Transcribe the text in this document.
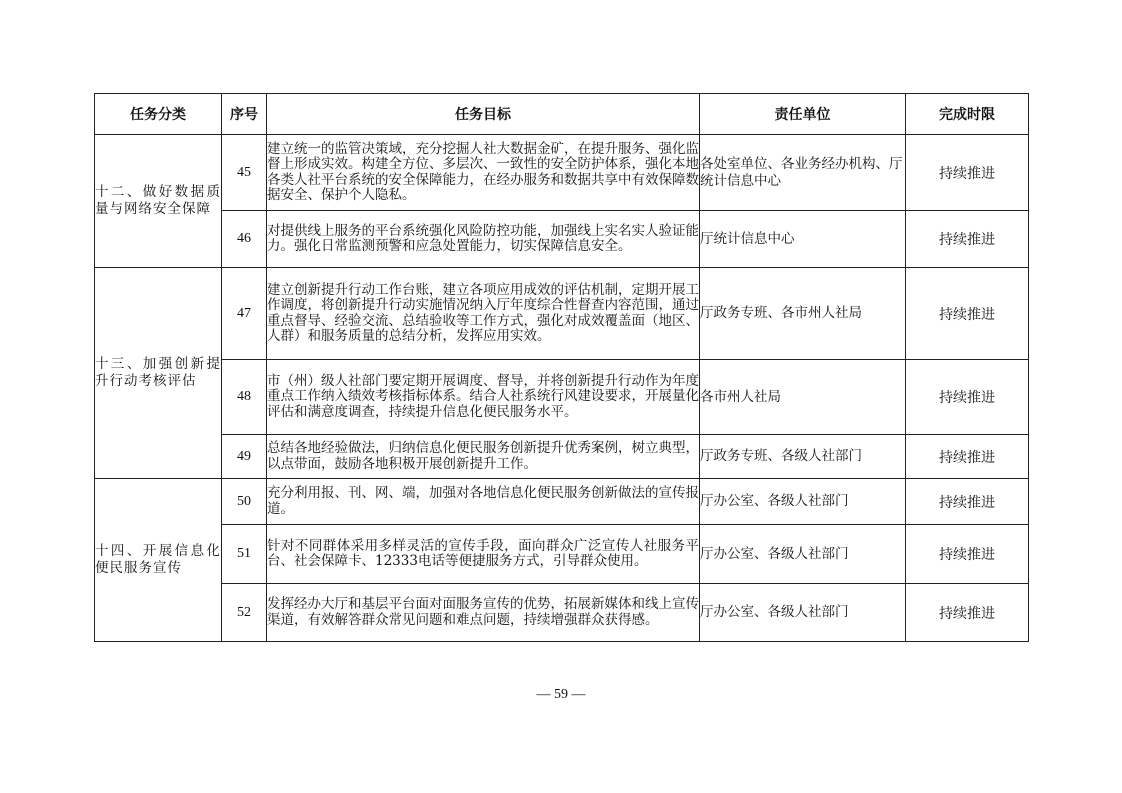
任务分类	序号	任务目标	责任单位	完成时限
十二、做好数据质量与网络安全保障	45	建立统一的监管决策域，充分挖掘人社大数据金矿，在提升服务、强化监督上形成实效。构建全方位、多层次、一致性的安全防护体系，强化本地各类人社平台系统的安全保障能力，在经办服务和数据共享中有效保障数据安全、保护个人隐私。	各处室单位、各业务经办机构、厅统计信息中心	持续推进
	46	对提供线上服务的平台系统强化风险防控功能，加强线上实名实人验证能力。强化日常监测预警和应急处置能力，切实保障信息安全。	厅统计信息中心	持续推进
十三、加强创新提升行动考核评估	47	建立创新提升行动工作台账，建立各项应用成效的评估机制，定期开展工作调度，将创新提升行动实施情况纳入厅年度综合性督查内容范围，通过重点督导、经验交流、总结验收等工作方式，强化对成效覆盖面（地区、人群）和服务质量的总结分析，发挥应用实效。	厅政务专班、各市州人社局	持续推进
	48	市（州）级人社部门要定期开展调度、督导，并将创新提升行动作为年度重点工作纳入绩效考核指标体系。结合人社系统行风建设要求，开展量化评估和满意度调查，持续提升信息化便民服务水平。	各市州人社局	持续推进
	49	总结各地经验做法，归纳信息化便民服务创新提升优秀案例，树立典型，以点带面，鼓励各地积极开展创新提升工作。	厅政务专班、各级人社部门	持续推进
十四、开展信息化便民服务宣传	50	充分利用报、刊、网、端，加强对各地信息化便民服务创新做法的宣传报道。	厅办公室、各级人社部门	持续推进
	51	针对不同群体采用多样灵活的宣传手段，面向群众广泛宣传人社服务平台、社会保障卡、12333电话等便捷服务方式，引导群众使用。	厅办公室、各级人社部门	持续推进
	52	发挥经办大厅和基层平台面对面服务宣传的优势，拓展新媒体和线上宣传渠道，有效解答群众常见问题和难点问题，持续增强群众获得感。	厅办公室、各级人社部门	持续推进
— 59 —
